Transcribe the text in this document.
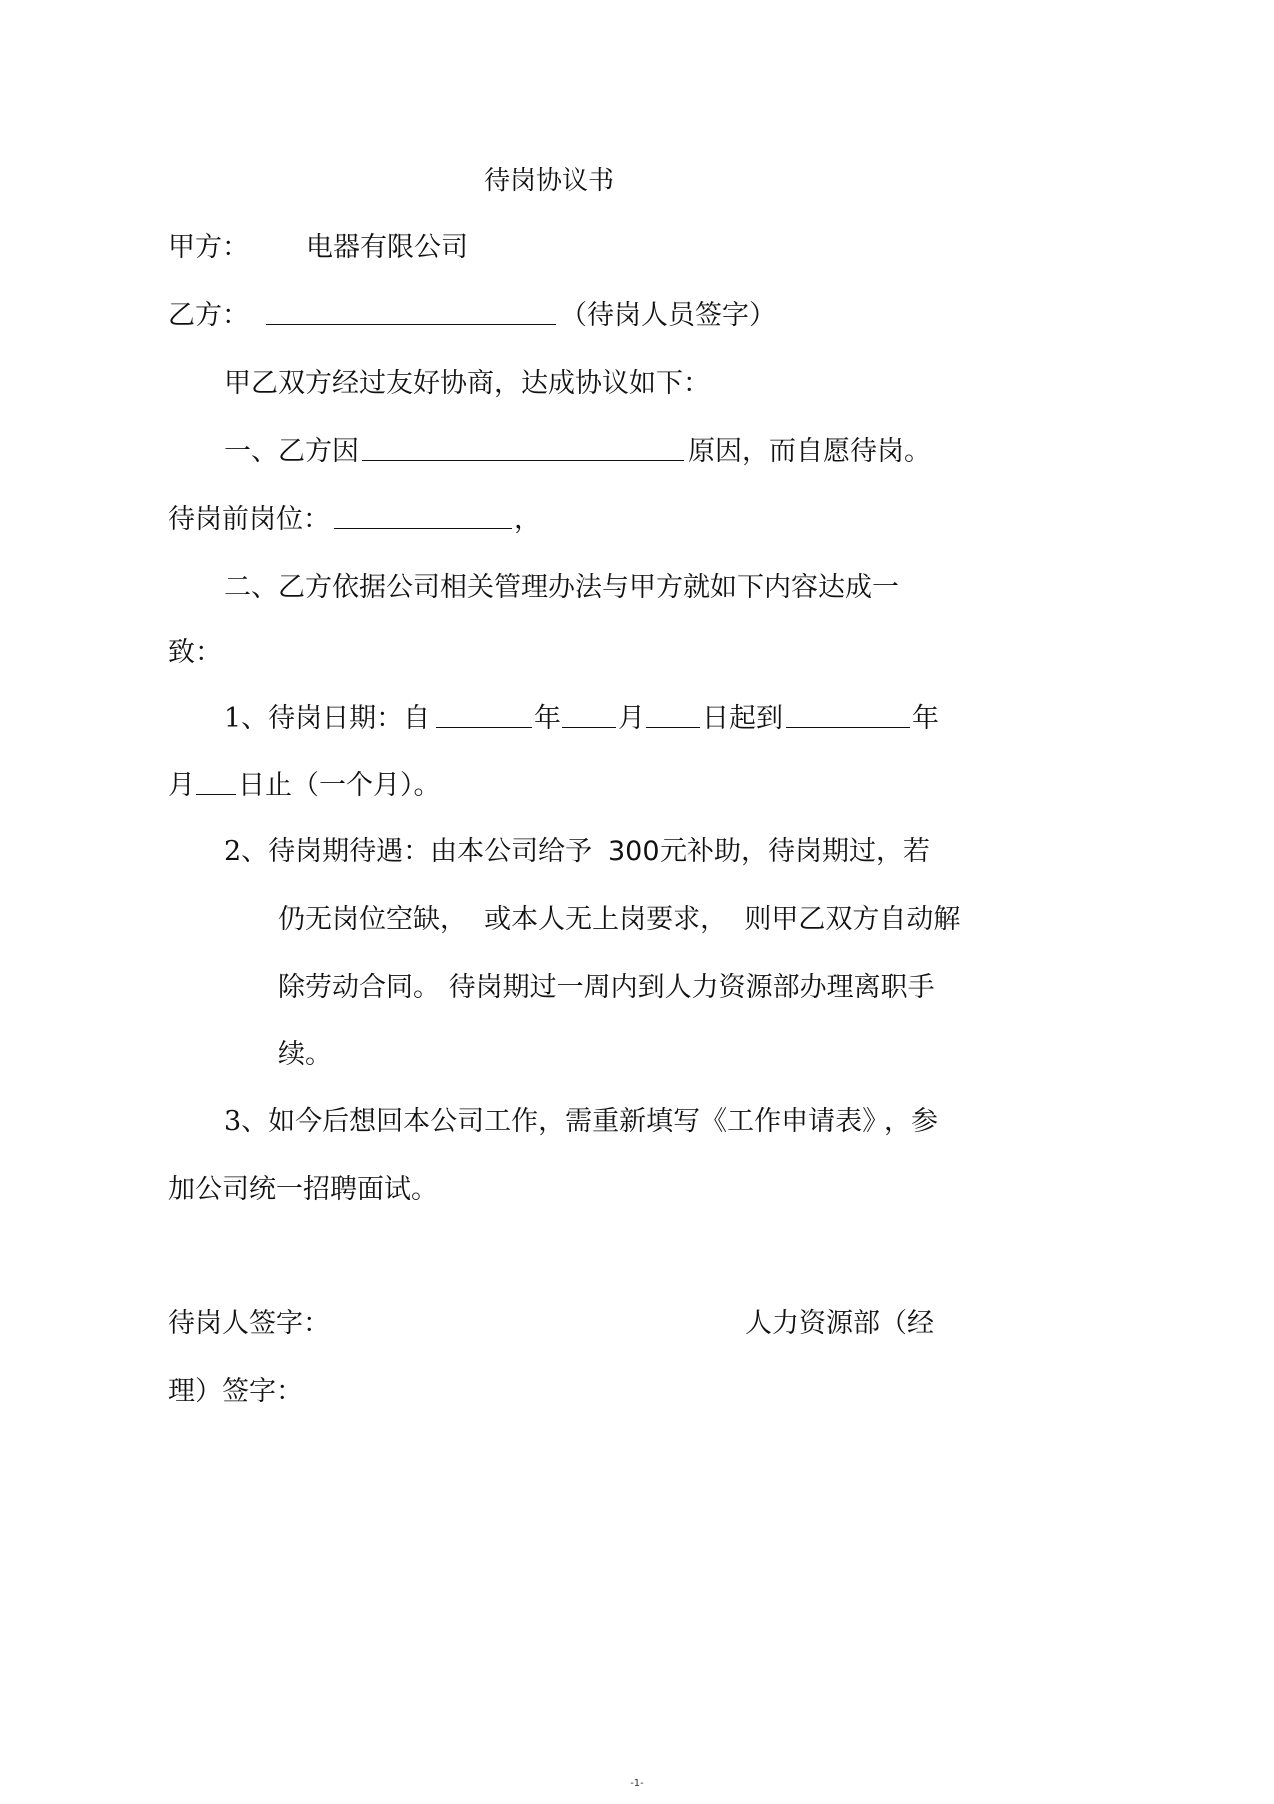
待岗协议书
甲方： 电器有限公司
乙方：	（待岗人员签字）
甲乙双方经过友好协商，达成协议如下：
一、乙方因	原因，而自愿待岗。
待岗前岗位：	，
二、乙方依据公司相关管理办法与甲方就如下内容达成一
致：
1、待岗日期：自	年 月 日起到	年
月 日止（一个月）。
2、待岗期待遇：由本公司给予 300 元补助，待岗期过，若
仍无岗位空缺，  或本人无上岗要求，  则甲乙双方自动解
除劳动合同。 待岗期过一周内到人力资源部办理离职手
续。
3、如今后想回本公司工作，需重新填写《工作申请表》
，参
加公司统一招聘面试。
待岗人签字：	人力资源部（经
理）签字：
-1-
